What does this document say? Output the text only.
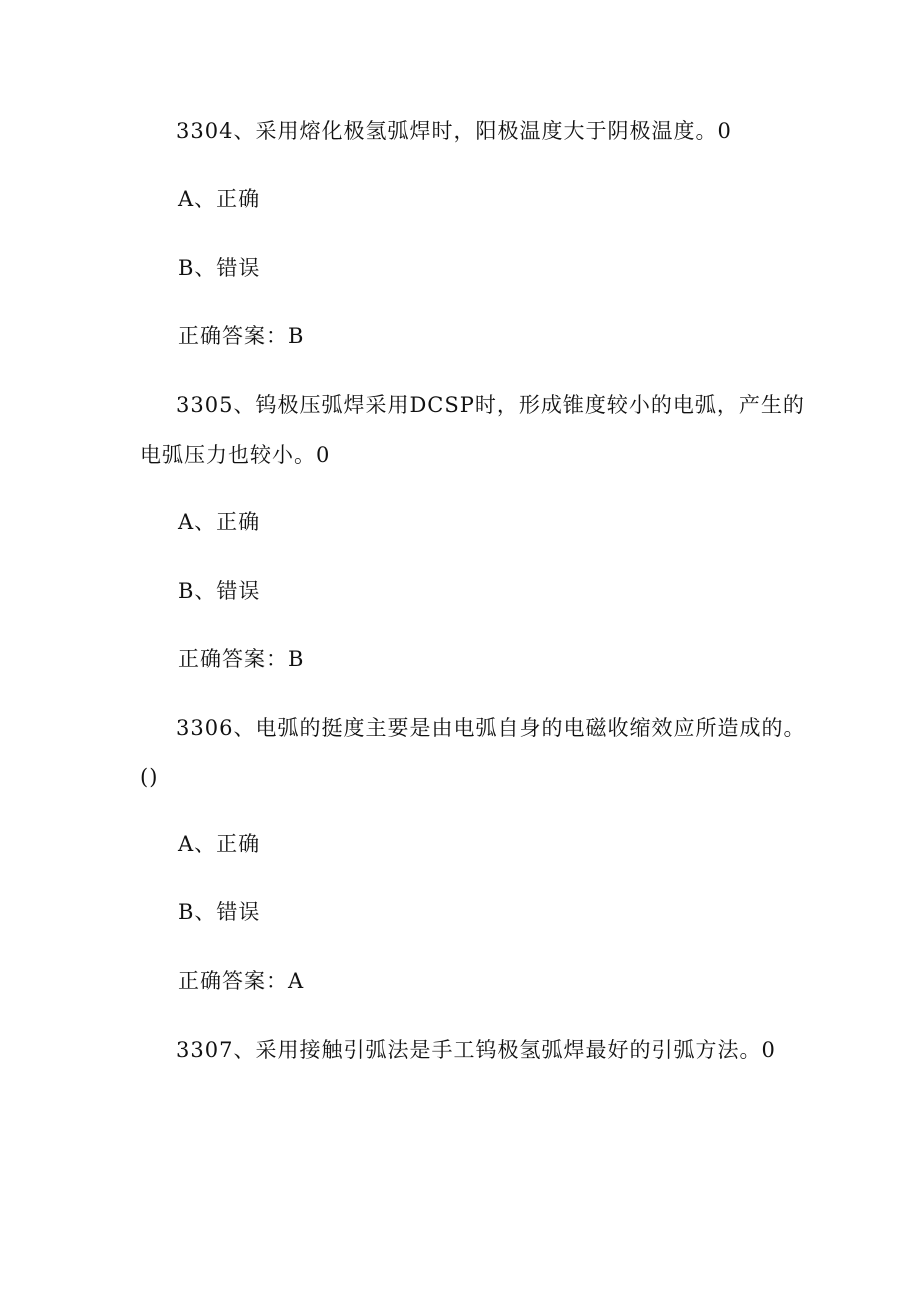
3304、采用熔化极氢弧焊时，阳极温度大于阴极温度。0
A、正确
B、错误
正确答案：B
3305、钨极压弧焊采用DCSP时，形成锥度较小的电弧，产生的
电弧压力也较小。0
A、正确
B、错误
正确答案：B
3306、电弧的挺度主要是由电弧自身的电磁收缩效应所造成的。
()
A、正确
B、错误
正确答案：A
3307、采用接触引弧法是手工钨极氢弧焊最好的引弧方法。0
